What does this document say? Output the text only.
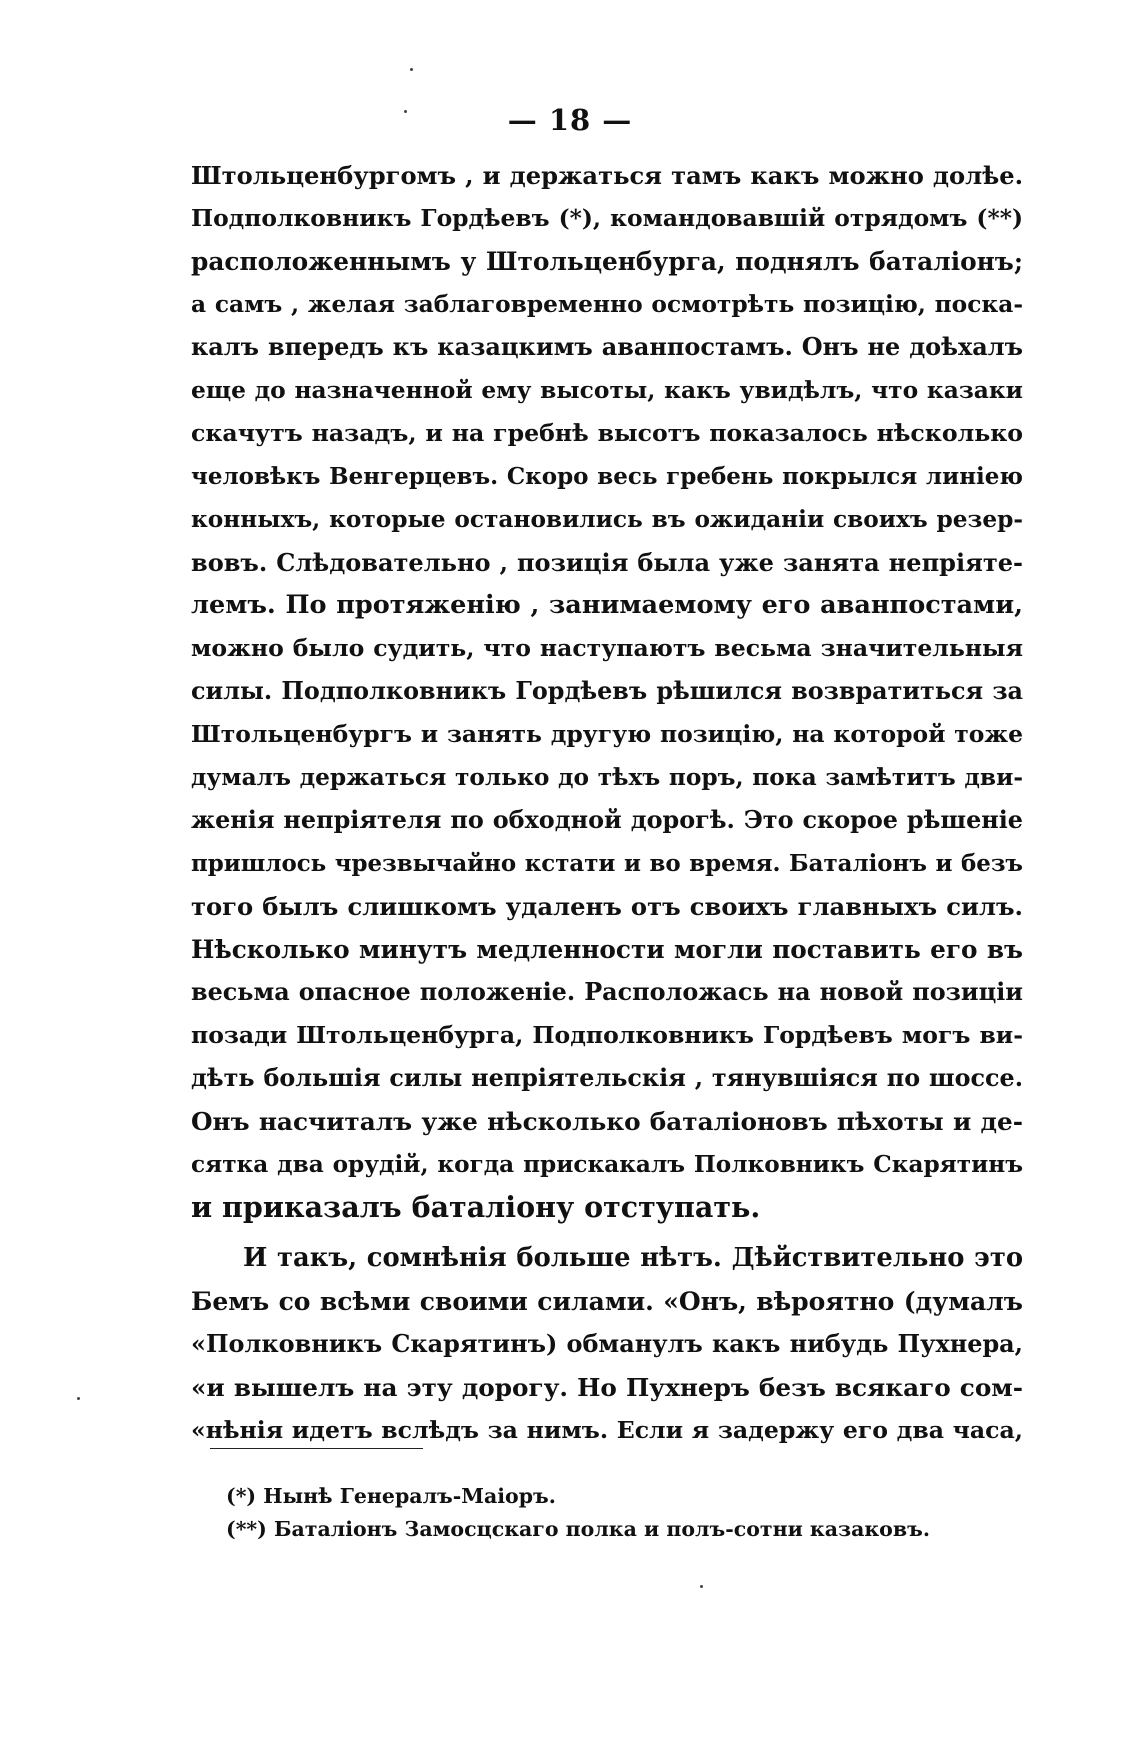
— 18 —
Штольценбургомъ , и держаться тамъ какъ можно долѣе.
Подполковникъ Гордѣевъ (*), командовавшій отрядомъ (**)
расположеннымъ у Штольценбурга, поднялъ баталіонъ;
а самъ , желая заблаговременно осмотрѣть позицію, поска-
калъ впередъ къ казацкимъ аванпостамъ. Онъ не доѣхалъ
еще до назначенной ему высоты, какъ увидѣлъ, что казаки
скачутъ назадъ, и на гребнѣ высотъ показалось нѣсколько
человѣкъ Венгерцевъ. Скоро весь гребень покрылся линіею
конныхъ, которые остановились въ ожиданіи своихъ резер-
вовъ. Слѣдовательно , позиція была уже занята непріяте-
лемъ. По протяженію , занимаемому его аванпостами,
можно было судить, что наступаютъ весьма значительныя
силы. Подполковникъ Гордѣевъ рѣшился возвратиться за
Штольценбургъ и занять другую позицію, на которой тоже
думалъ держаться только до тѣхъ поръ, пока замѣтитъ дви-
женія непріятеля по обходной дорогѣ. Это скорое рѣшеніе
пришлось чрезвычайно кстати и во время. Баталіонъ и безъ
того былъ слишкомъ удаленъ отъ своихъ главныхъ силъ.
Нѣсколько минутъ медленности могли поставить его въ
весьма опасное положеніе. Расположась на новой позиціи
позади Штольценбурга, Подполковникъ Гордѣевъ могъ ви-
дѣть большія силы непріятельскія , тянувшіяся по шоссе.
Онъ насчиталъ уже нѣсколько баталіоновъ пѣхоты и де-
сятка два орудій, когда прискакалъ Полковникъ Скарятинъ
и приказалъ баталіону отступать.
И такъ, сомнѣнія больше нѣтъ. Дѣйствительно это
Бемъ со всѣми своими силами. «Онъ, вѣроятно (думалъ
«Полковникъ Скарятинъ) обманулъ какъ нибудь Пухнера,
«и вышелъ на эту дорогу. Но Пухнеръ безъ всякаго сом-
«нѣнія идетъ вслѣдъ за нимъ. Если я задержу его два часа,
(*) Нынѣ Генералъ-Маіоръ.
(**) Баталіонъ Замосцскаго полка и полъ-сотни казаковъ.
